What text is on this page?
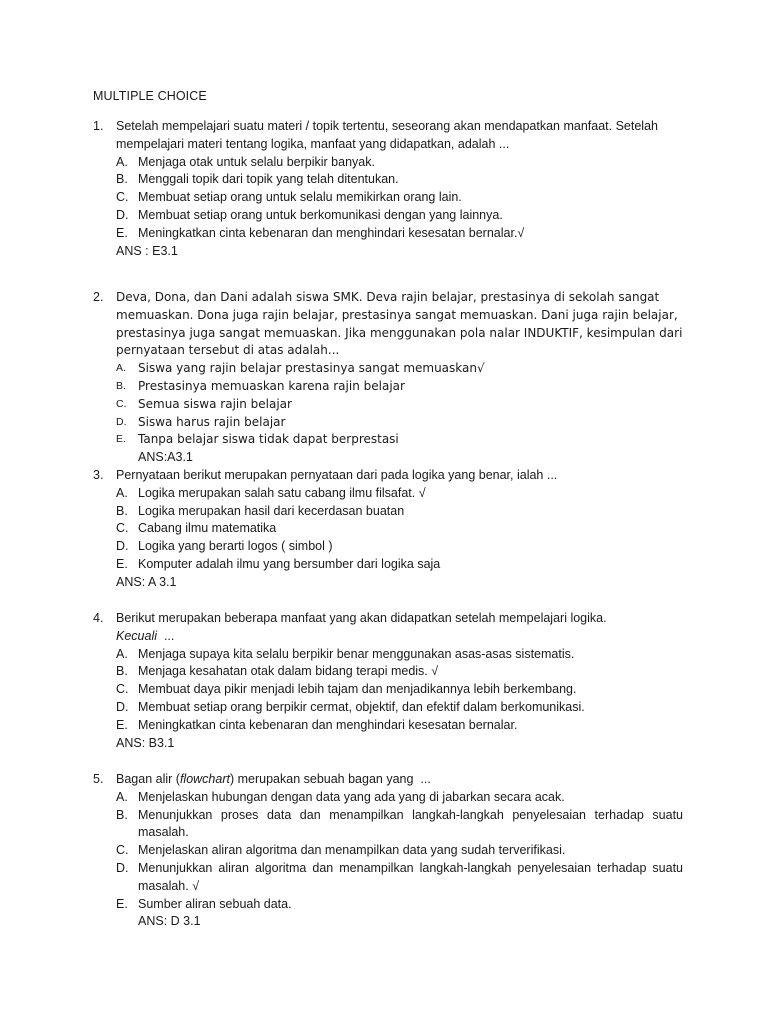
MULTIPLE CHOICE
1.	Setelah mempelajari suatu materi / topik tertentu, seseorang akan mendapatkan manfaat. Setelah mempelajari materi tentang logika, manfaat yang didapatkan, adalah ...
A. Menjaga otak untuk selalu berpikir banyak.
B. Menggali topik dari topik yang telah ditentukan.
C. Membuat setiap orang untuk selalu memikirkan orang lain.
D. Membuat setiap orang untuk berkomunikasi dengan yang lainnya.
E. Meningkatkan cinta kebenaran dan menghindari kesesatan bernalar.√
ANS : E3.1
2.	Deva, Dona, dan Dani adalah siswa SMK. Deva rajin belajar, prestasinya di sekolah sangat memuaskan. Dona juga rajin belajar, prestasinya sangat memuaskan. Dani juga rajin belajar, prestasinya juga sangat memuaskan. Jika menggunakan pola nalar INDUKTIF, kesimpulan dari pernyataan tersebut di atas adalah...
A.	Siswa yang rajin belajar prestasinya sangat memuaskan√
B.	Prestasinya memuaskan karena rajin belajar
C. Semua siswa rajin belajar
D. Siswa harus rajin belajar
E.	Tanpa belajar siswa tidak dapat berprestasi
ANS:A3.1
3.	Pernyataan berikut merupakan pernyataan dari pada logika yang benar, ialah ...
A. Logika merupakan salah satu cabang ilmu filsafat. √
B. Logika merupakan hasil dari kecerdasan buatan
C. Cabang ilmu matematika
D. Logika yang berarti logos ( simbol )
E. Komputer adalah ilmu yang bersumber dari logika saja
ANS: A 3.1
4.	Berikut merupakan beberapa manfaat yang akan didapatkan setelah mempelajari logika.
Kecuali  ...
A. Menjaga supaya kita selalu berpikir benar menggunakan asas-asas sistematis.
B. Menjaga kesahatan otak dalam bidang terapi medis. √
C. Membuat daya pikir menjadi lebih tajam dan menjadikannya lebih berkembang.
D. Membuat setiap orang berpikir cermat, objektif, dan efektif dalam berkomunikasi.
E. Meningkatkan cinta kebenaran dan menghindari kesesatan bernalar.
ANS: B3.1
5.	Bagan alir (flowchart) merupakan sebuah bagan yang  ...
A. Menjelaskan hubungan dengan data yang ada yang di jabarkan secara acak.
B. Menunjukkan proses data dan menampilkan langkah-langkah penyelesaian terhadap suatu masalah.
C. Menjelaskan aliran algoritma dan menampilkan data yang sudah terverifikasi.
D. Menunjukkan aliran algoritma dan menampilkan langkah-langkah penyelesaian terhadap suatu masalah. √
E. Sumber aliran sebuah data.
ANS: D 3.1
